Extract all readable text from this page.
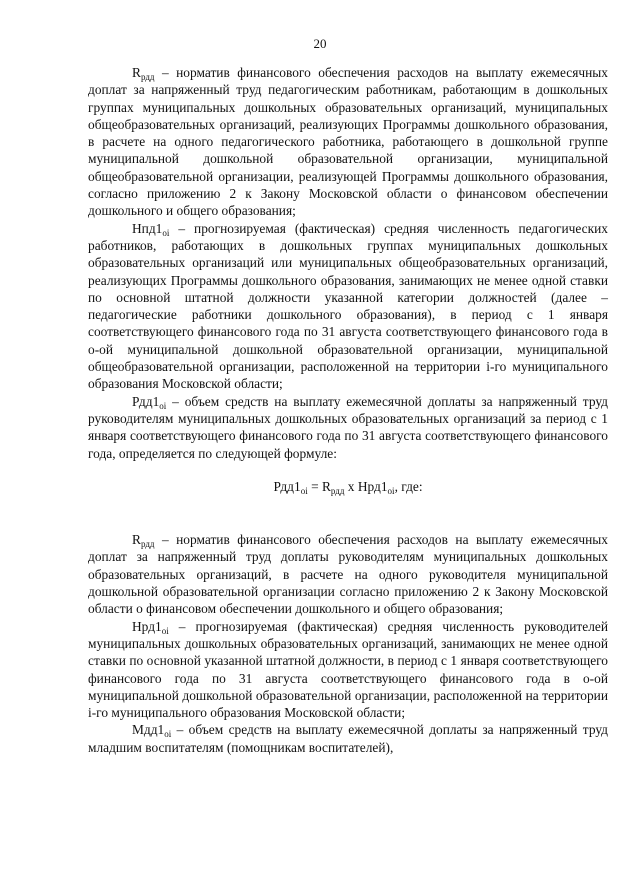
20

$R_{рдд}$ – норматив финансового обеспечения расходов на выплату ежемесячных доплат за напряженный труд педагогическим работникам, работающим в дошкольных группах муниципальных дошкольных образовательных организаций, муниципальных общеобразовательных организаций, реализующих Программы дошкольного образования, в расчете на одного педагогического работника, работающего в дошкольной группе муниципальной дошкольной образовательной организации, муниципальной общеобразовательной организации, реализующей Программы дошкольного образования, согласно приложению 2 к Закону Московской области о финансовом обеспечении дошкольного и общего образования;

$Нпд1_{oi}$ – прогнозируемая (фактическая) средняя численность педагогических работников, работающих в дошкольных группах муниципальных дошкольных образовательных организаций или муниципальных общеобразовательных организаций, реализующих Программы дошкольного образования, занимающих не менее одной ставки по основной штатной должности указанной категории должностей (далее – педагогические работники дошкольного образования), в период с 1 января соответствующего финансового года по 31 августа соответствующего финансового года в о-ой муниципальной дошкольной образовательной организации, муниципальной общеобразовательной организации, расположенной на территории i-го муниципального образования Московской области;

$Рдд1_{oi}$ – объем средств на выплату ежемесячной доплаты за напряженный труд руководителям муниципальных дошкольных образовательных организаций за период с 1 января соответствующего финансового года по 31 августа соответствующего финансового года, определяется по следующей формуле:

$Рдд1_{oi} = R_{рдд}$ х $Нрд1_{oi}$, где:

$R_{рдд}$ – норматив финансового обеспечения расходов на выплату ежемесячных доплат за напряженный труд доплаты руководителям муниципальных дошкольных образовательных организаций, в расчете на одного руководителя муниципальной дошкольной образовательной организации согласно приложению 2 к Закону Московской области о финансовом обеспечении дошкольного и общего образования;

$Нрд1_{oi}$ – прогнозируемая (фактическая) средняя численность руководителей муниципальных дошкольных образовательных организаций, занимающих не менее одной ставки по основной указанной штатной должности, в период с 1 января соответствующего финансового года по 31 августа соответствующего финансового года в о-ой муниципальной дошкольной образовательной организации, расположенной на территории i-го муниципального образования Московской области;

$Мдд1_{oi}$ – объем средств на выплату ежемесячной доплаты за напряженный труд младшим воспитателям (помощникам воспитателей),
